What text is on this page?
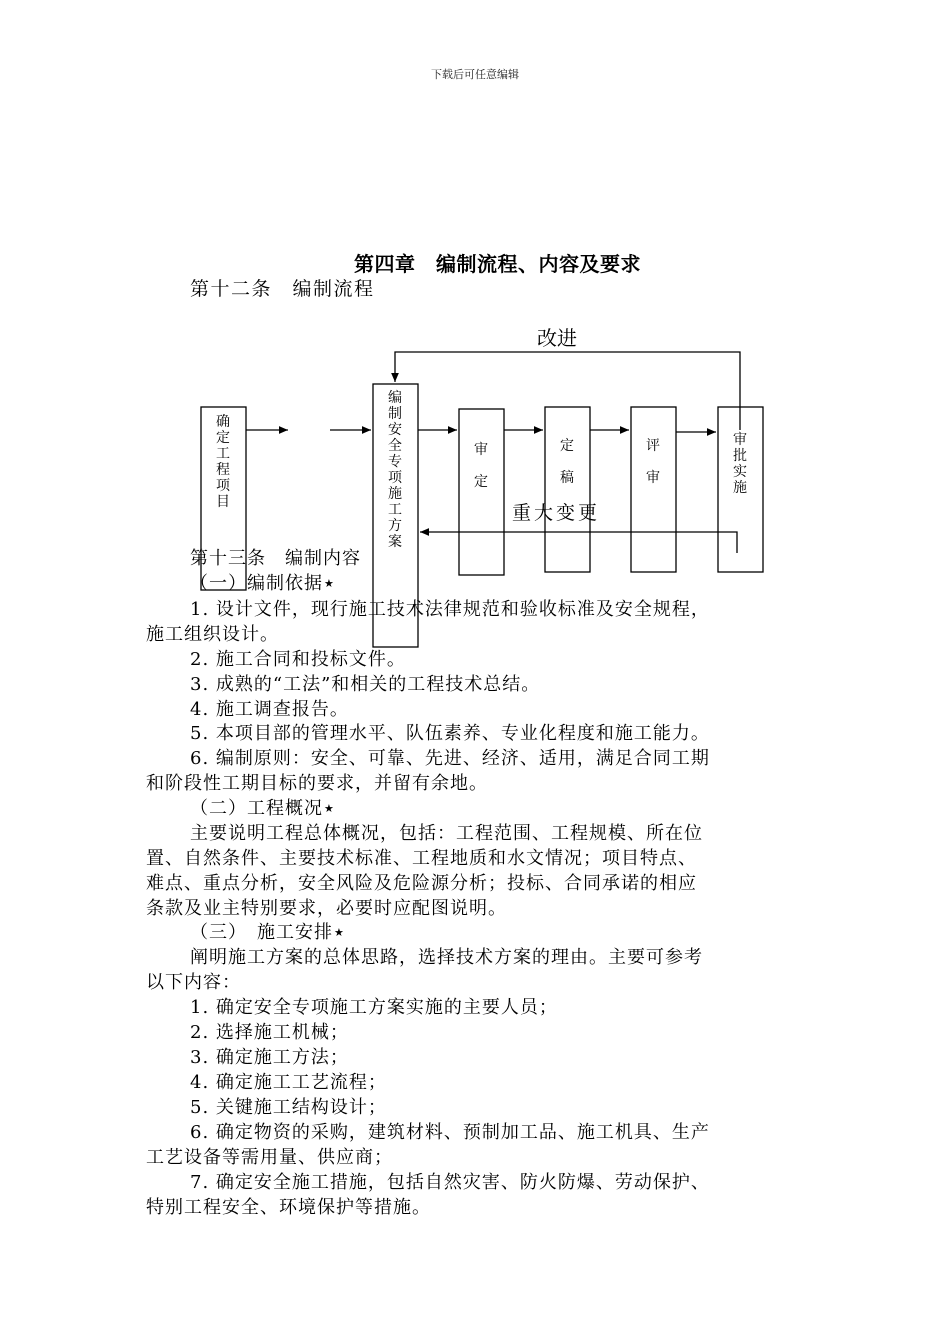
下载后可任意编辑
第四章　编制流程、内容及要求
第十二条　编制流程
改进
确
定
工
程
项
目
编
制
安
全
专
项
施
工
方
案
审
定
定
稿
评
审
审
批
实
施
重大变更
第十三条　编制内容
（一）编制依据★
1. 设计文件，现行施工技术法律规范和验收标准及安全规程，
施工组织设计。
2. 施工合同和投标文件。
3. 成熟的“工法”和相关的工程技术总结。
4. 施工调查报告。
5. 本项目部的管理水平、队伍素养、专业化程度和施工能力。
6. 编制原则：安全、可靠、先进、经济、适用，满足合同工期
和阶段性工期目标的要求，并留有余地。
（二）工程概况★
主要说明工程总体概况，包括：工程范围、工程规模、所在位
置、自然条件、主要技术标准、工程地质和水文情况；项目特点、
难点、重点分析，安全风险及危险源分析；投标、合同承诺的相应
条款及业主特别要求，必要时应配图说明。
（三）　施工安排★
阐明施工方案的总体思路，选择技术方案的理由。主要可参考
以下内容：
1. 确定安全专项施工方案实施的主要人员；
2. 选择施工机械；
3. 确定施工方法；
4. 确定施工工艺流程；
5. 关键施工结构设计；
6. 确定物资的采购，建筑材料、预制加工品、施工机具、生产
工艺设备等需用量、供应商；
7. 确定安全施工措施，包括自然灾害、防火防爆、劳动保护、
特别工程安全、环境保护等措施。
